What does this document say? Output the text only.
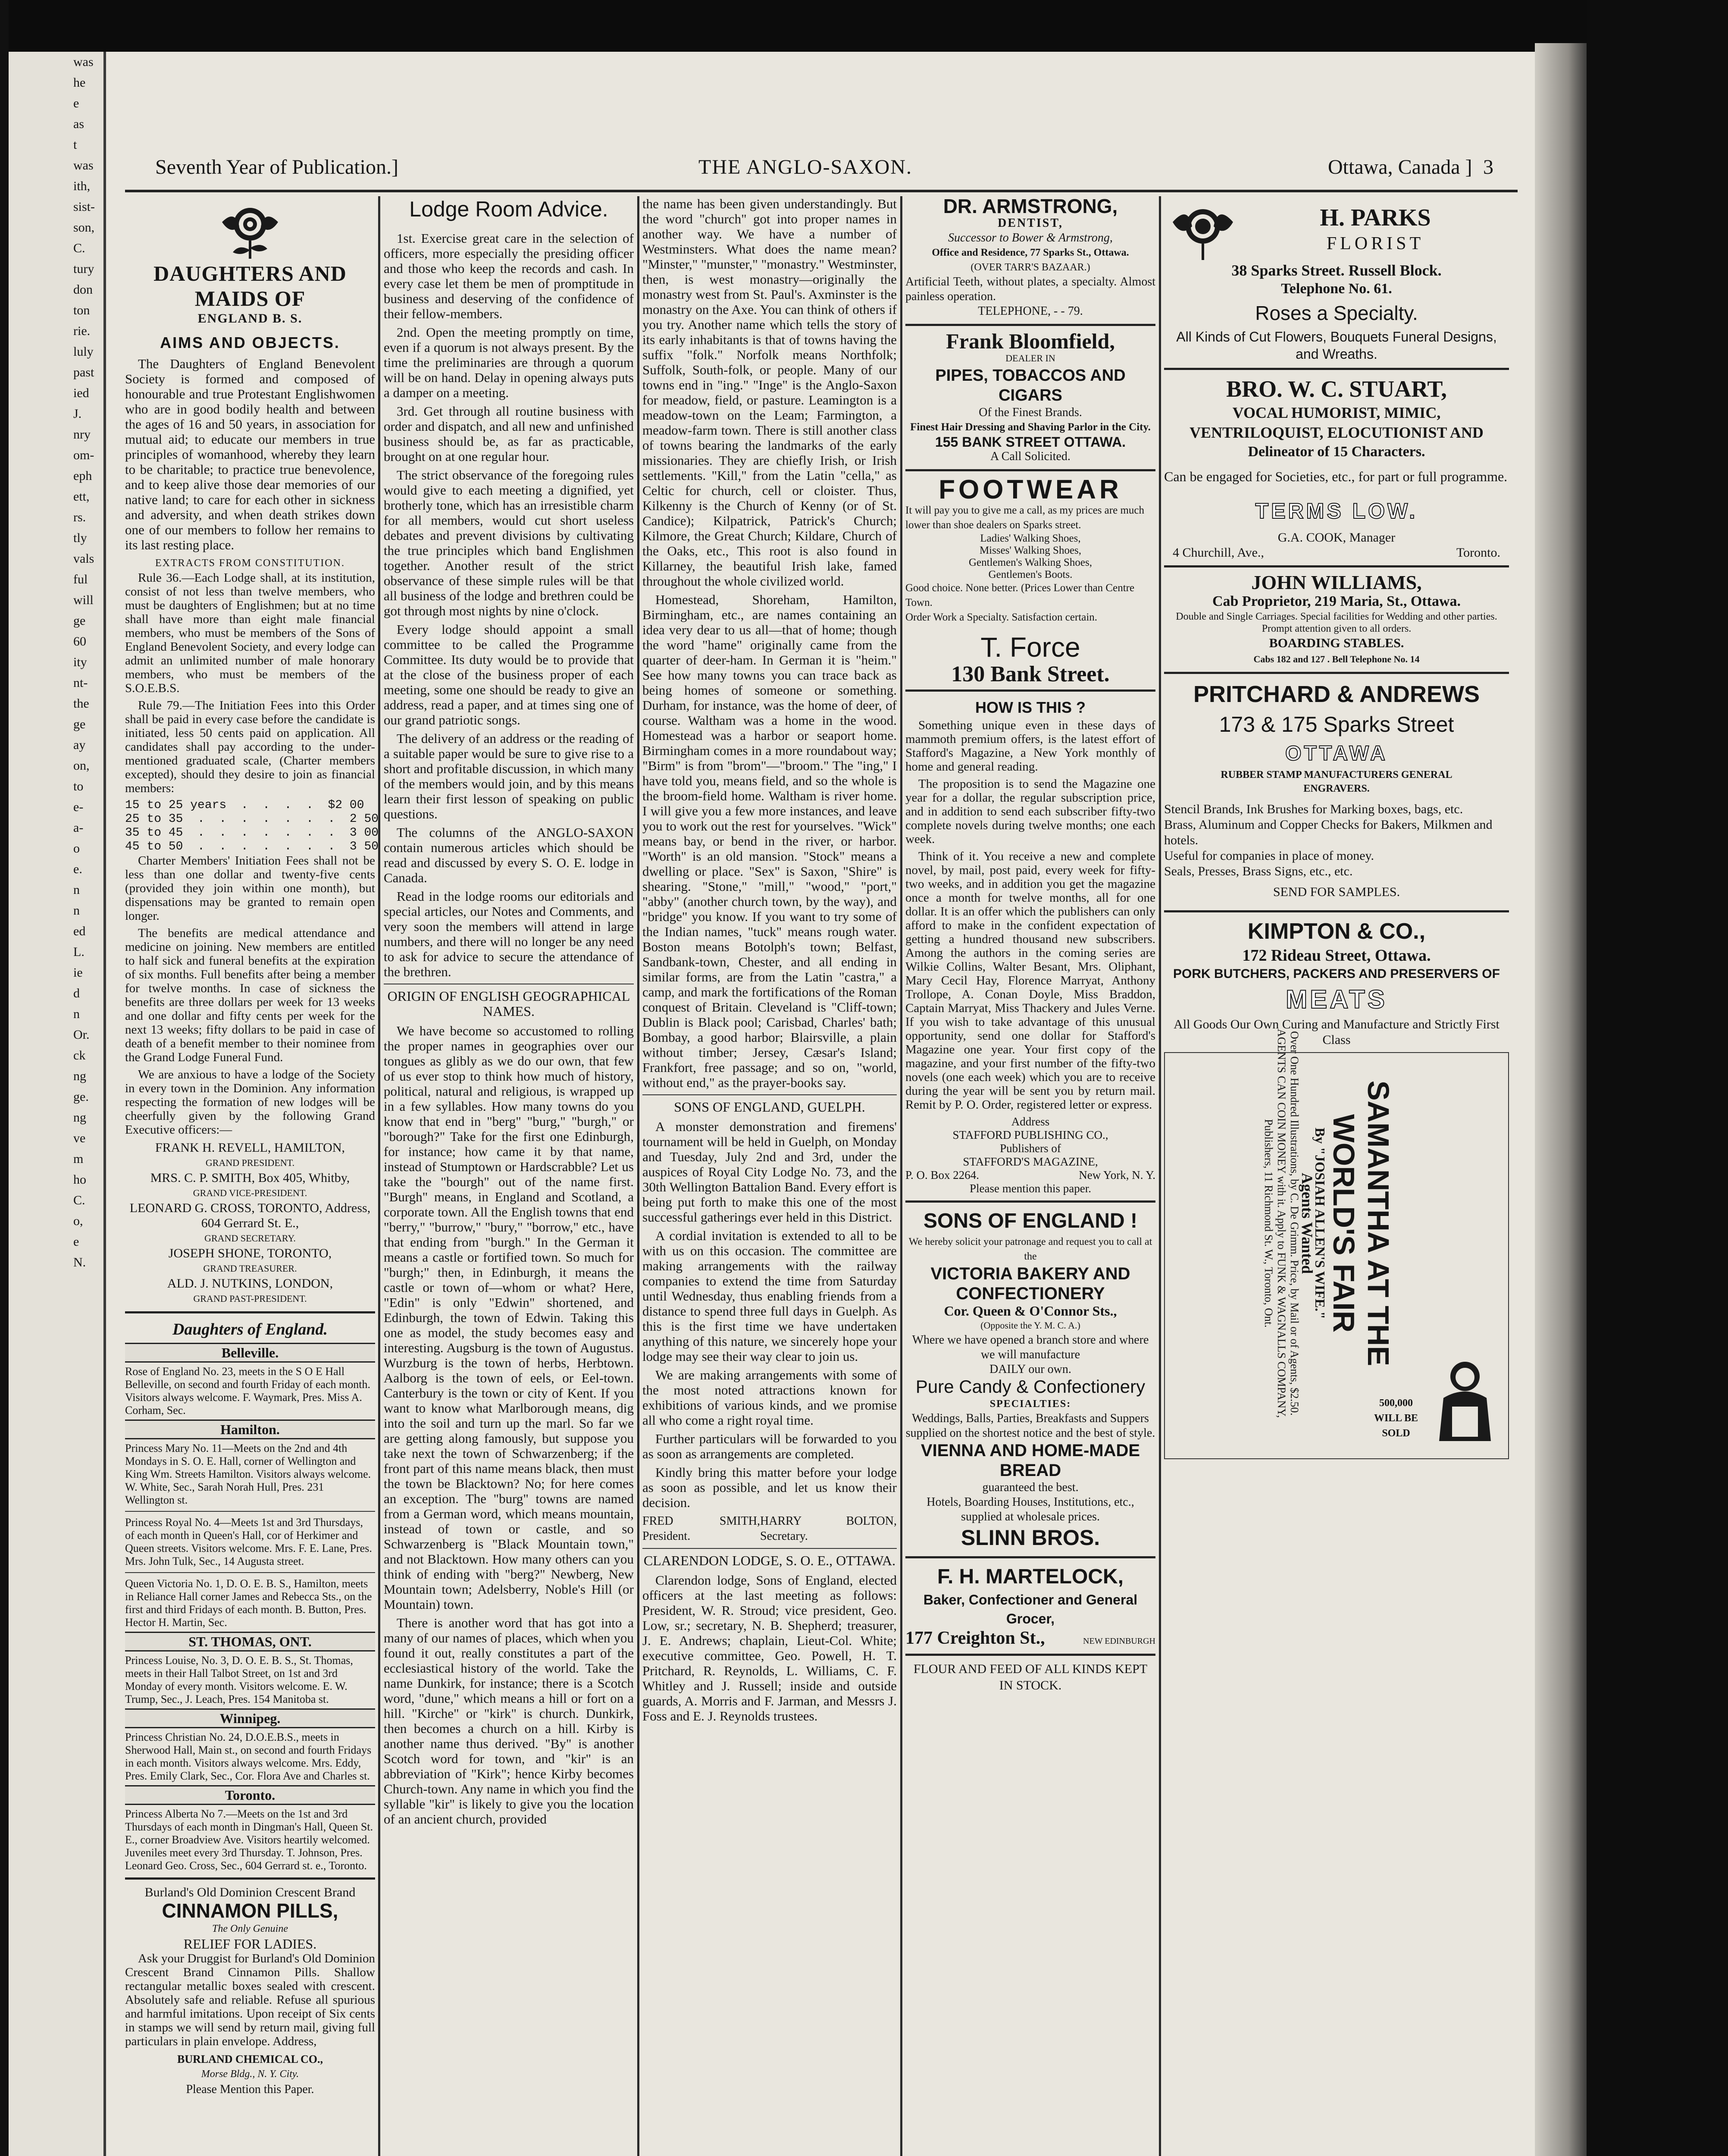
was
he
e
as
t
was
ith,
sist-
son,
C.
tury
don
ton
rie.
luly
past
ied
J.
nry
om-
eph
ett,
rs.
tly
vals
ful
will
ge
60
ity
nt-
the
ge
ay
on,
to
e-
a-
o
e.
n
n
ed
L.
ie
d
n
Or.
ck
ng
ge.
ng
ve
m
ho
C.
o,
e
N.
Seventh Year of Publication.]	THE ANGLO-SAXON.	Ottawa, Canada ] 3
DAUGHTERS AND MAIDS OF
ENGLAND B. S.
AIMS AND OBJECTS.

The Daughters of England Benevolent Society is formed and composed of honourable and true Protestant Englishwomen who are in good bodily health and between the ages of 16 and 50 years, in association for mutual aid; to educate our members in true principles of womanhood, whereby they learn to be charitable; to practice true benevolence, and to keep alive those dear memories of our native land; to care for each other in sickness and adversity, and when death strikes down one of our members to follow her remains to its last resting place.

EXTRACTS FROM CONSTITUTION.

Rule 36.—Each Lodge shall, at its institution, consist of not less than twelve members, who must be daughters of Englishmen; but at no time shall have more than eight male financial members, who must be members of the Sons of England Benevolent Society, and every lodge can admit an unlimited number of male honorary members, who must be members of the S.O.E.B.S.

Rule 79.—The Initiation Fees into this Order shall be paid in every case before the candidate is initiated, less 50 cents paid on application. All candidates shall pay according to the under-mentioned graduated scale, (Charter members excepted), should they desire to join as financial members:

15 to 25 years  .  .  .  .  $2 00
25 to 35  .  .  .  .  .  .  .  2 50
35 to 45  .  .  .  .  .  .  .  3 00
45 to 50  .  .  .  .  .  .  .  3 50

Charter Members' Initiation Fees shall not be less than one dollar and twenty-five cents (provided they join within one month), but dispensations may be granted to remain open longer.

The benefits are medical attendance and medicine on joining. New members are entitled to half sick and funeral benefits at the expiration of six months. Full benefits after being a member for twelve months. In case of sickness the benefits are three dollars per week for 13 weeks and one dollar and fifty cents per week for the next 13 weeks; fifty dollars to be paid in case of death of a benefit member to their nominee from the Grand Lodge Funeral Fund.

We are anxious to have a lodge of the Society in every town in the Dominion. Any information respecting the formation of new lodges will be cheerfully given by the following Grand Executive officers:—

FRANK H. REVELL, HAMILTON,
GRAND PRESIDENT.
MRS. C. P. SMITH, Box 405, Whitby,
GRAND VICE-PRESIDENT.
LEONARD G. CROSS, TORONTO, Address, 604 Gerrard St. E.,
GRAND SECRETARY.
JOSEPH SHONE, TORONTO,
GRAND TREASURER.
ALD. J. NUTKINS, LONDON,
GRAND PAST-PRESIDENT.
Daughters of England.
Belleville.
Rose of England No. 23, meets in the S O E Hall Belleville, on second and fourth Friday of each month. Visitors always welcome. F. Waymark, Pres. Miss A. Corham, Sec.
Hamilton.
Princess Mary No. 11—Meets on the 2nd and 4th Mondays in S. O. E. Hall, corner of Wellington and King Wm. Streets Hamilton. Visitors always welcome. W. White, Sec., Sarah Norah Hull, Pres. 231 Wellington st.
Princess Royal No. 4—Meets 1st and 3rd Thursdays, of each month in Queen's Hall, cor of Herkimer and Queen streets. Visitors welcome. Mrs. F. E. Lane, Pres. Mrs. John Tulk, Sec., 14 Augusta street.
Queen Victoria No. 1, D. O. E. B. S., Hamilton, meets in Reliance Hall corner James and Rebecca Sts., on the first and third Fridays of each month. B. Button, Pres. Hector H. Martin, Sec.
ST. THOMAS, ONT.
Princess Louise, No. 3, D. O. E. B. S., St. Thomas, meets in their Hall Talbot Street, on 1st and 3rd Monday of every month. Visitors welcome. E. W. Trump, Sec., J. Leach, Pres. 154 Manitoba st.
Winnipeg.
Princess Christian No. 24, D.O.E.B.S., meets in Sherwood Hall, Main st., on second and fourth Fridays in each month. Visitors always welcome. Mrs. Eddy, Pres. Emily Clark, Sec., Cor. Flora Ave and Charles st.
Toronto.
Princess Alberta No 7.—Meets on the 1st and 3rd Thursdays of each month in Dingman's Hall, Queen St. E., corner Broadview Ave. Visitors heartily welcomed. Juveniles meet every 3rd Thursday. T. Johnson, Pres. Leonard Geo. Cross, Sec., 604 Gerrard st. e., Toronto.
Burland's Old Dominion Crescent Brand
CINNAMON PILLS,
The Only Genuine
RELIEF FOR LADIES.

Ask your Druggist for Burland's Old Dominion Crescent Brand Cinnamon Pills. Shallow rectangular metallic boxes sealed with crescent. Absolutely safe and reliable. Refuse all spurious and harmful imitations. Upon receipt of Six cents in stamps we will send by return mail, giving full particulars in plain envelope. Address,

BURLAND CHEMICAL CO.,
Morse Bldg., N. Y. City.
Please Mention this Paper.
Lodge Room Advice.

1st. Exercise great care in the selection of officers, more especially the presiding officer and those who keep the records and cash. In every case let them be men of promptitude in business and deserving of the confidence of their fellow-members.

2nd. Open the meeting promptly on time, even if a quorum is not always present. By the time the preliminaries are through a quorum will be on hand. Delay in opening always puts a damper on a meeting.

3rd. Get through all routine business with order and dispatch, and all new and unfinished business should be, as far as practicable, brought on at one regular hour.

The strict observance of the foregoing rules would give to each meeting a dignified, yet brotherly tone, which has an irresistible charm for all members, would cut short useless debates and prevent divisions by cultivating the true principles which band Englishmen together. Another result of the strict observance of these simple rules will be that all business of the lodge and brethren could be got through most nights by nine o'clock.

Every lodge should appoint a small committee to be called the Programme Committee. Its duty would be to provide that at the close of the business proper of each meeting, some one should be ready to give an address, read a paper, and at times sing one of our grand patriotic songs.

The delivery of an address or the reading of a suitable paper would be sure to give rise to a short and profitable discussion, in which many of the members would join, and by this means learn their first lesson of speaking on public questions.

The columns of the ANGLO-SAXON contain numerous articles which should be read and discussed by every S. O. E. lodge in Canada.

Read in the lodge rooms our editorials and special articles, our Notes and Comments, and very soon the members will attend in large numbers, and there will no longer be any need to ask for advice to secure the attendance of the brethren.

ORIGIN OF ENGLISH GEOGRAPHICAL NAMES.

We have become so accustomed to rolling the proper names in geographies over our tongues as glibly as we do our own, that few of us ever stop to think how much of history, political, natural and religious, is wrapped up in a few syllables. How many towns do you know that end in "berg" "burg," "burgh," or "borough?" Take for the first one Edinburgh, for instance; how came it by that name, instead of Stumptown or Hardscrabble? Let us take the "bourgh" out of the name first. "Burgh" means, in England and Scotland, a corporate town. All the English towns that end "berry," "burrow," "bury," "borrow," etc., have that ending from "burgh." In the German it means a castle or fortified town. So much for "burgh;" then, in Edinburgh, it means the castle or town of—whom or what? Here, "Edin" is only "Edwin" shortened, and Edinburgh, the town of Edwin. Taking this one as model, the study becomes easy and interesting. Augsburg is the town of Augustus. Wurzburg is the town of herbs, Herbtown. Aalborg is the town of eels, or Eel-town. Canterbury is the town or city of Kent. If you want to know what Marlborough means, dig into the soil and turn up the marl. So far we are getting along famously, but suppose you take next the town of Schwarzenberg; if the front part of this name means black, then must the town be Blacktown? No; for here comes an exception. The "burg" towns are named from a German word, which means mountain, instead of town or castle, and so Schwarzenberg is "Black Mountain town," and not Blacktown. How many others can you think of ending with "berg?" Newberg, New Mountain town; Adelsberry, Noble's Hill (or Mountain) town.

There is another word that has got into a many of our names of places, which when you found it out, really constitutes a part of the ecclesiastical history of the world. Take the name Dunkirk, for instance; there is a Scotch word, "dune," which means a hill or fort on a hill. "Kirche" or "kirk" is church. Dunkirk, then becomes a church on a hill. Kirby is another name thus derived. "By" is another Scotch word for town, and "kir" is an abbreviation of "Kirk"; hence Kirby becomes Church-town. Any name in which you find the syllable "kir" is likely to give you the location of an ancient church, provided

the name has been given understandingly. But the word "church" got into proper names in another way. We have a number of Westminsters. What does the name mean? "Minster," "munster," "monastry." Westminster, then, is west monastry—originally the monastry west from St. Paul's. Axminster is the monastry on the Axe. You can think of others if you try. Another name which tells the story of its early inhabitants is that of towns having the suffix "folk." Norfolk means Northfolk; Suffolk, South-folk, or people. Many of our towns end in "ing." "Inge" is the Anglo-Saxon for meadow, field, or pasture. Leamington is a meadow-town on the Leam; Farmington, a meadow-farm town. There is still another class of towns bearing the landmarks of the early missionaries. They are chiefly Irish, or Irish settlements. "Kill," from the Latin "cella," as Celtic for church, cell or cloister. Thus, Kilkenny is the Church of Kenny (or of St. Candice); Kilpatrick, Patrick's Church; Kilmore, the Great Church; Kildare, Church of the Oaks, etc., This root is also found in Killarney, the beautiful Irish lake, famed throughout the whole civilized world.

Homestead, Shoreham, Hamilton, Birmingham, etc., are names containing an idea very dear to us all—that of home; though the word "hame" originally came from the quarter of deer-ham. In German it is "heim." See how many towns you can trace back as being homes of someone or something. Durham, for instance, was the home of deer, of course. Waltham was a home in the wood. Homestead was a harbor or seaport home. Birmingham comes in a more roundabout way; "Birm" is from "brom"—"broom." The "ing," I have told you, means field, and so the whole is the broom-field home. Waltham is river home. I will give you a few more instances, and leave you to work out the rest for yourselves. "Wick" means bay, or bend in the river, or harbor. "Worth" is an old mansion. "Stock" means a dwelling or place. "Sex" is Saxon, "Shire" is shearing. "Stone," "mill," "wood," "port," "abby" (another church town, by the way), and "bridge" you know. If you want to try some of the Indian names, "tuck" means rough water. Boston means Botolph's town; Belfast, Sandbank-town, Chester, and all ending in similar forms, are from the Latin "castra," a camp, and mark the fortifications of the Roman conquest of Britain. Cleveland is "Cliff-town; Dublin is Black pool; Carisbad, Charles' bath; Bombay, a good harbor; Blairsville, a plain without timber; Jersey, Cæsar's Island; Frankfort, free passage; and so on, "world, without end," as the prayer-books say.

SONS OF ENGLAND, GUELPH.

A monster demonstration and firemens' tournament will be held in Guelph, on Monday and Tuesday, July 2nd and 3rd, under the auspices of Royal City Lodge No. 73, and the 30th Wellington Battalion Band. Every effort is being put forth to make this one of the most successful gatherings ever held in this District.

A cordial invitation is extended to all to be with us on this occasion. The committee are making arrangements with the railway companies to extend the time from Saturday until Wednesday, thus enabling friends from a distance to spend three full days in Guelph. As this is the first time we have undertaken anything of this nature, we sincerely hope your lodge may see their way clear to join us.

We are making arrangements with some of the most noted attractions known for exhibitions of various kinds, and we promise all who come a right royal time.

Further particulars will be forwarded to you as soon as arrangements are completed.

Kindly bring this matter before your lodge as soon as possible, and let us know their decision.

FRED SMITH, President.
HARRY BOLTON, Secretary.
CLARENDON LODGE, S. O. E., OTTAWA.

Clarendon lodge, Sons of England, elected officers at the last meeting as follows: President, W. R. Stroud; vice president, Geo. Low, sr.; secretary, N. B. Shepherd; treasurer, J. E. Andrews; chaplain, Lieut-Col. White; executive committee, Geo. Powell, H. T. Pritchard, R. Reynolds, L. Williams, C. F. Whitley and J. Russell; inside and outside guards, A. Morris and F. Jarman, and Messrs J. Foss and E. J. Reynolds trustees.

DR. ARMSTRONG,
DENTIST,
Successor to Bower & Armstrong,
Office and Residence, 77 Sparks St., Ottawa.
(OVER TARR'S BAZAAR.)
Artificial Teeth, without plates, a specialty. Almost painless operation.
TELEPHONE, - - 79.
Frank Bloomfield,
DEALER IN
PIPES, TOBACCOS AND CIGARS
Of the Finest Brands.
Finest Hair Dressing and Shaving Parlor in the City.
155 BANK STREET OTTAWA.
A Call Solicited.
FOOTWEAR
It will pay you to give me a call, as my prices are much lower than shoe dealers on Sparks street.
Ladies' Walking Shoes,
Misses' Walking Shoes,
Gentlemen's Walking Shoes,
Gentlemen's Boots.
Good choice. None better. (Prices Lower than Centre Town.
Order Work a Specialty. Satisfaction certain.
T. Force
130 Bank Street.
HOW IS THIS ?

Something unique even in these days of mammoth premium offers, is the latest effort of Stafford's Magazine, a New York monthly of home and general reading.

The proposition is to send the Magazine one year for a dollar, the regular subscription price, and in addition to send each subscriber fifty-two complete novels during twelve months; one each week.

Think of it. You receive a new and complete novel, by mail, post paid, every week for fifty-two weeks, and in addition you get the magazine once a month for twelve months, all for one dollar. It is an offer which the publishers can only afford to make in the confident expectation of getting a hundred thousand new subscribers. Among the authors in the coming series are Wilkie Collins, Walter Besant, Mrs. Oliphant, Mary Cecil Hay, Florence Marryat, Anthony Trollope, A. Conan Doyle, Miss Braddon, Captain Marryat, Miss Thackery and Jules Verne. If you wish to take advantage of this unusual opportunity, send one dollar for Stafford's Magazine one year. Your first copy of the magazine, and your first number of the fifty-two novels (one each week) which you are to receive during the year will be sent you by return mail. Remit by P. O. Order, registered letter or express.

Address
STAFFORD PUBLISHING CO.,
Publishers of
STAFFORD'S MAGAZINE,
P. O. Box 2264.	New York, N. Y.
Please mention this paper.
SONS OF ENGLAND !
We hereby solicit your patronage and request you to call at the
VICTORIA BAKERY AND CONFECTIONERY
Cor. Queen & O'Connor Sts.,
(Opposite the Y. M. C. A.)
Where we have opened a branch store and where we will manufacture
DAILY our own.
Pure Candy & Confectionery
SPECIALTIES:
Weddings, Balls, Parties, Breakfasts and Suppers supplied on the shortest notice and the best of style.
VIENNA AND HOME-MADE BREAD
guaranteed the best.
Hotels, Boarding Houses, Institutions, etc., supplied at wholesale prices.
SLINN BROS.
F. H. MARTELOCK,
Baker, Confectioner and General Grocer,
177 Creighton St.,	NEW EDINBURGH
FLOUR AND FEED OF ALL KINDS KEPT IN STOCK.
H. PARKS
FLORIST
38 Sparks Street. Russell Block.
Telephone No. 61.
Roses a Specialty.
All Kinds of Cut Flowers, Bouquets Funeral Designs, and Wreaths.
BRO. W. C. STUART,
VOCAL HUMORIST, MIMIC,
VENTRILOQUIST, ELOCUTIONIST AND
Delineator of 15 Characters.
Can be engaged for Societies, etc., for part or full programme.
TERMS LOW.
G.A. COOK, Manager
4 Churchill, Ave.,	Toronto.
JOHN WILLIAMS,
Cab Proprietor, 219 Maria, St., Ottawa.
Double and Single Carriages. Special facilities for Wedding and other parties. Prompt attention given to all orders.
BOARDING STABLES.
Cabs 182 and 127 . Bell Telephone No. 14
PRITCHARD & ANDREWS
173 & 175 Sparks Street
OTTAWA
RUBBER STAMP MANUFACTURERS GENERAL ENGRAVERS.
Stencil Brands, Ink Brushes for Marking boxes, bags, etc.
Brass, Aluminum and Copper Checks for Bakers, Milkmen and hotels.
Useful for companies in place of money.
Seals, Presses, Brass Signs, etc., etc.
SEND FOR SAMPLES.
KIMPTON & CO.,
172 Rideau Street, Ottawa.
PORK BUTCHERS, PACKERS AND PRESERVERS OF
MEATS
All Goods Our Own Curing and Manufacture and Strictly First Class
SAMANTHA AT THE WORLD'S FAIR
By "JOSIAH ALLEN'S WIFE."
Agents Wanted
Over One Hundred Illustrations, by C. De Grimm. Price, by Mail or of Agents, $2.50. AGENTS CAN COIN MONEY with it. Apply to FUNK & WAGNALLS COMPANY, Publishers, 11 Richmond St. W., Toronto, Ont.
500,000 WILL BE SOLD
